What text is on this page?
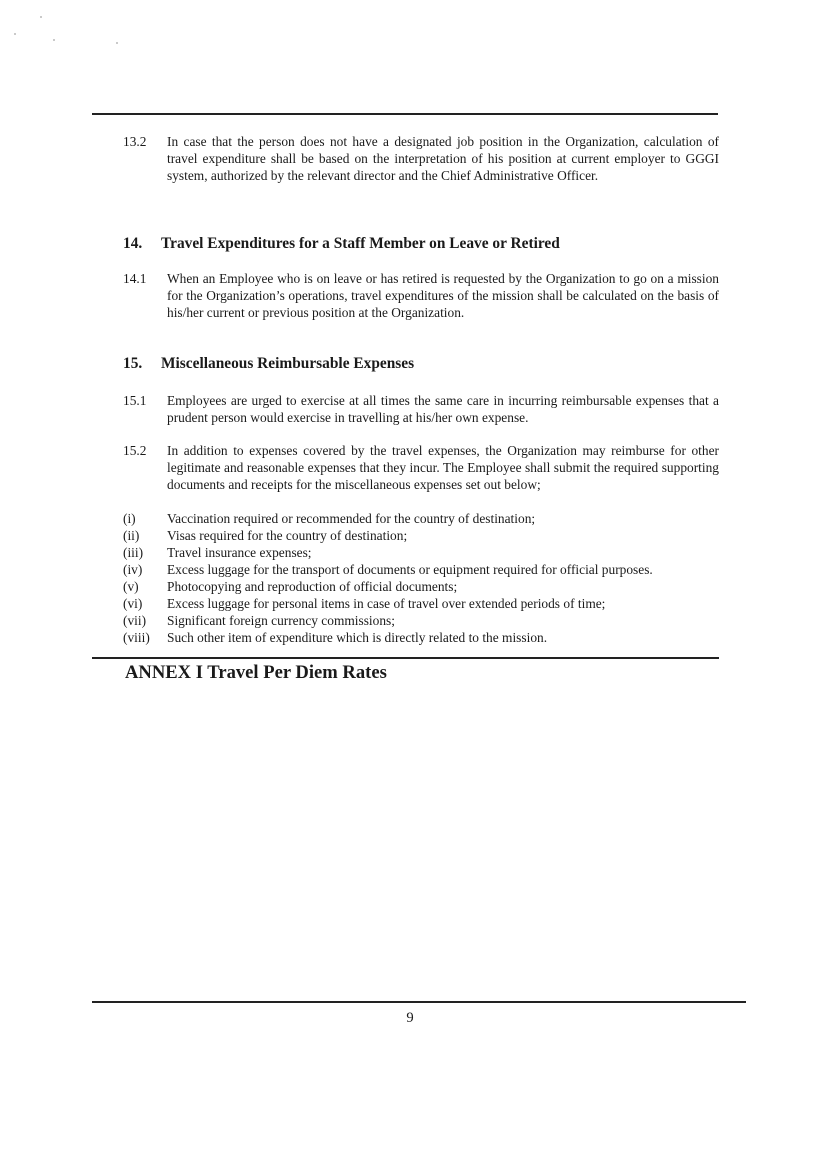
13.2	In case that the person does not have a designated job position in the Organization, calculation of travel expenditure shall be based on the interpretation of his position at current employer to GGGI system, authorized by the relevant director and the Chief Administrative Officer.
14. Travel Expenditures for a Staff Member on Leave or Retired
14.1	When an Employee who is on leave or has retired is requested by the Organization to go on a mission for the Organization’s operations, travel expenditures of the mission shall be calculated on the basis of his/her current or previous position at the Organization.
15. Miscellaneous Reimbursable Expenses
15.1	Employees are urged to exercise at all times the same care in incurring reimbursable expenses that a prudent person would exercise in travelling at his/her own expense.
15.2	In addition to expenses covered by the travel expenses, the Organization may reimburse for other legitimate and reasonable expenses that they incur. The Employee shall submit the required supporting documents and receipts for the miscellaneous expenses set out below;
(i) Vaccination required or recommended for the country of destination;
(ii) Visas required for the country of destination;
(iii) Travel insurance expenses;
(iv) Excess luggage for the transport of documents or equipment required for official purposes.
(v) Photocopying and reproduction of official documents;
(vi) Excess luggage for personal items in case of travel over extended periods of time;
(vii) Significant foreign currency commissions;
(viii) Such other item of expenditure which is directly related to the mission.
ANNEX I Travel Per Diem Rates
9
